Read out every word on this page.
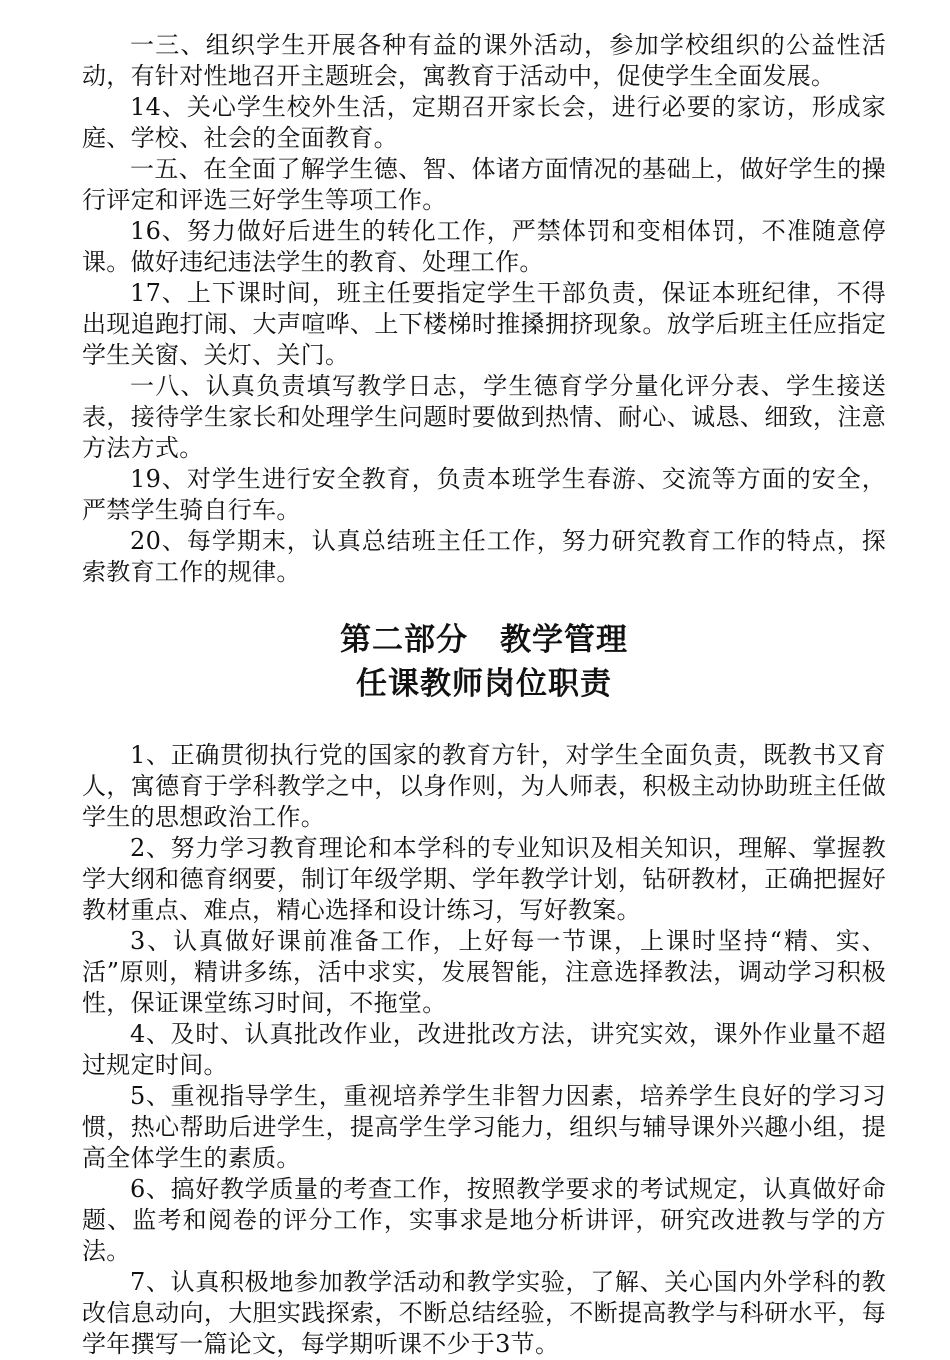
一三、组织学生开展各种有益的课外活动，参加学校组织的公益性活动，有针对性地召开主题班会，寓教育于活动中，促使学生全面发展。

14、关心学生校外生活，定期召开家长会，进行必要的家访，形成家庭、学校、社会的全面教育。

一五、在全面了解学生德、智、体诸方面情况的基础上，做好学生的操行评定和评选三好学生等项工作。

16、努力做好后进生的转化工作，严禁体罚和变相体罚，不准随意停课。做好违纪违法学生的教育、处理工作。

17、上下课时间，班主任要指定学生干部负责，保证本班纪律，不得出现追跑打闹、大声喧哗、上下楼梯时推搡拥挤现象。放学后班主任应指定学生关窗、关灯、关门。

一八、认真负责填写教学日志，学生德育学分量化评分表、学生接送表，接待学生家长和处理学生问题时要做到热情、耐心、诚恳、细致，注意方法方式。

19、对学生进行安全教育，负责本班学生春游、交流等方面的安全，严禁学生骑自行车。

20、每学期末，认真总结班主任工作，努力研究教育工作的特点，探索教育工作的规律。

第二部分　教学管理
任课教师岗位职责

1、正确贯彻执行党的国家的教育方针，对学生全面负责，既教书又育人，寓德育于学科教学之中，以身作则，为人师表，积极主动协助班主任做学生的思想政治工作。

2、努力学习教育理论和本学科的专业知识及相关知识，理解、掌握教学大纲和德育纲要，制订年级学期、学年教学计划，钻研教材，正确把握好教材重点、难点，精心选择和设计练习，写好教案。

3、认真做好课前准备工作，上好每一节课，上课时坚持“精、实、活”原则，精讲多练，活中求实，发展智能，注意选择教法，调动学习积极性，保证课堂练习时间，不拖堂。

4、及时、认真批改作业，改进批改方法，讲究实效，课外作业量不超过规定时间。

5、重视指导学生，重视培养学生非智力因素，培养学生良好的学习习惯，热心帮助后进学生，提高学生学习能力，组织与辅导课外兴趣小组，提高全体学生的素质。

6、搞好教学质量的考查工作，按照教学要求的考试规定，认真做好命题、监考和阅卷的评分工作，实事求是地分析讲评，研究改进教与学的方法。

7、认真积极地参加教学活动和教学实验，了解、关心国内外学科的教改信息动向，大胆实践探索，不断总结经验，不断提高教学与科研水平，每学年撰写一篇论文，每学期听课不少于3节。
